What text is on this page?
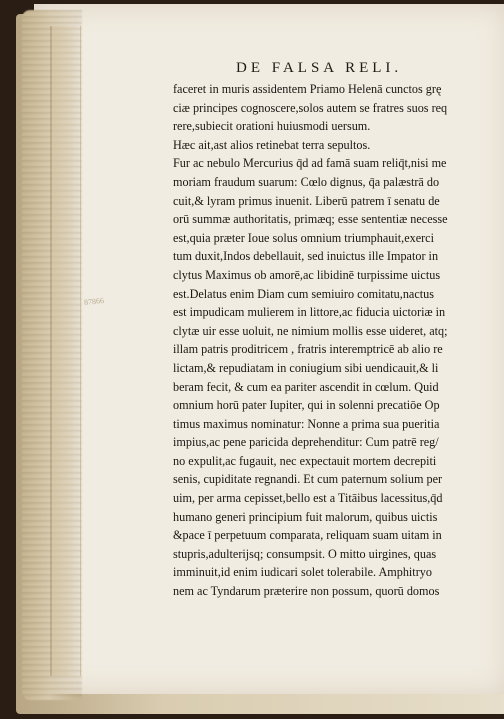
87866
DE FALSA RELI.
faceret in muris assidentem Priamo Helenā cunctos grę
ciæ principes cognoscere,solos autem se fratres suos req
rere,subiecit orationi huiusmodi uersum.
Hæc ait,ast alios retinebat terra sepultos.
Fur ac nebulo Mercurius q̄d ad famā suam reliq̄t,nisi me
moriam fraudum suarum: Cœlo dignus, q̄a palæstrā do
cuit,& lyram primus inuenit. Liberū patrem ī senatu de
orū summæ authoritatis, primæq; esse sententiæ necesse
est,quia præter Ioue solus omnium triumphauit,exerci
tum duxit,Indos debellauit, sed inuictus ille Impator in
clytus Maximus ob amorē,ac libidinē turpissime uictus
est.Delatus enim Diam cum semiuiro comitatu,nactus
est impudicam mulierem in littore,ac fiducia uictoriæ in
clytæ uir esse uoluit, ne nimium mollis esse uideret, atq;
illam patris proditricem , fratris interemptricē ab alio re
lictam,& repudiatam in coniugium sibi uendicauit,& li
beram fecit, & cum ea pariter ascendit in cœlum. Quid
omnium horū pater Iupiter, qui in solenni precatiōe Op
timus maximus nominatur: Nonne a prima sua pueritia
impius,ac pene paricida deprehenditur: Cum patrē reg/
no expulit,ac fugauit, nec expectauit mortem decrepiti
senis, cupiditate regnandi. Et cum paternum solium per
uim, per arma cepisset,bello est a Titāibus lacessitus,q̄d
humano generi principium fuit malorum, quibus uictis
&pace ī perpetuum comparata, reliquam suam uitam in
stupris,adulterijsq; consumpsit. O mitto uirgines, quas
imminuit,id enim iudicari solet tolerabile. Amphitryo
nem ac Tyndarum præterire non possum, quorū domos
